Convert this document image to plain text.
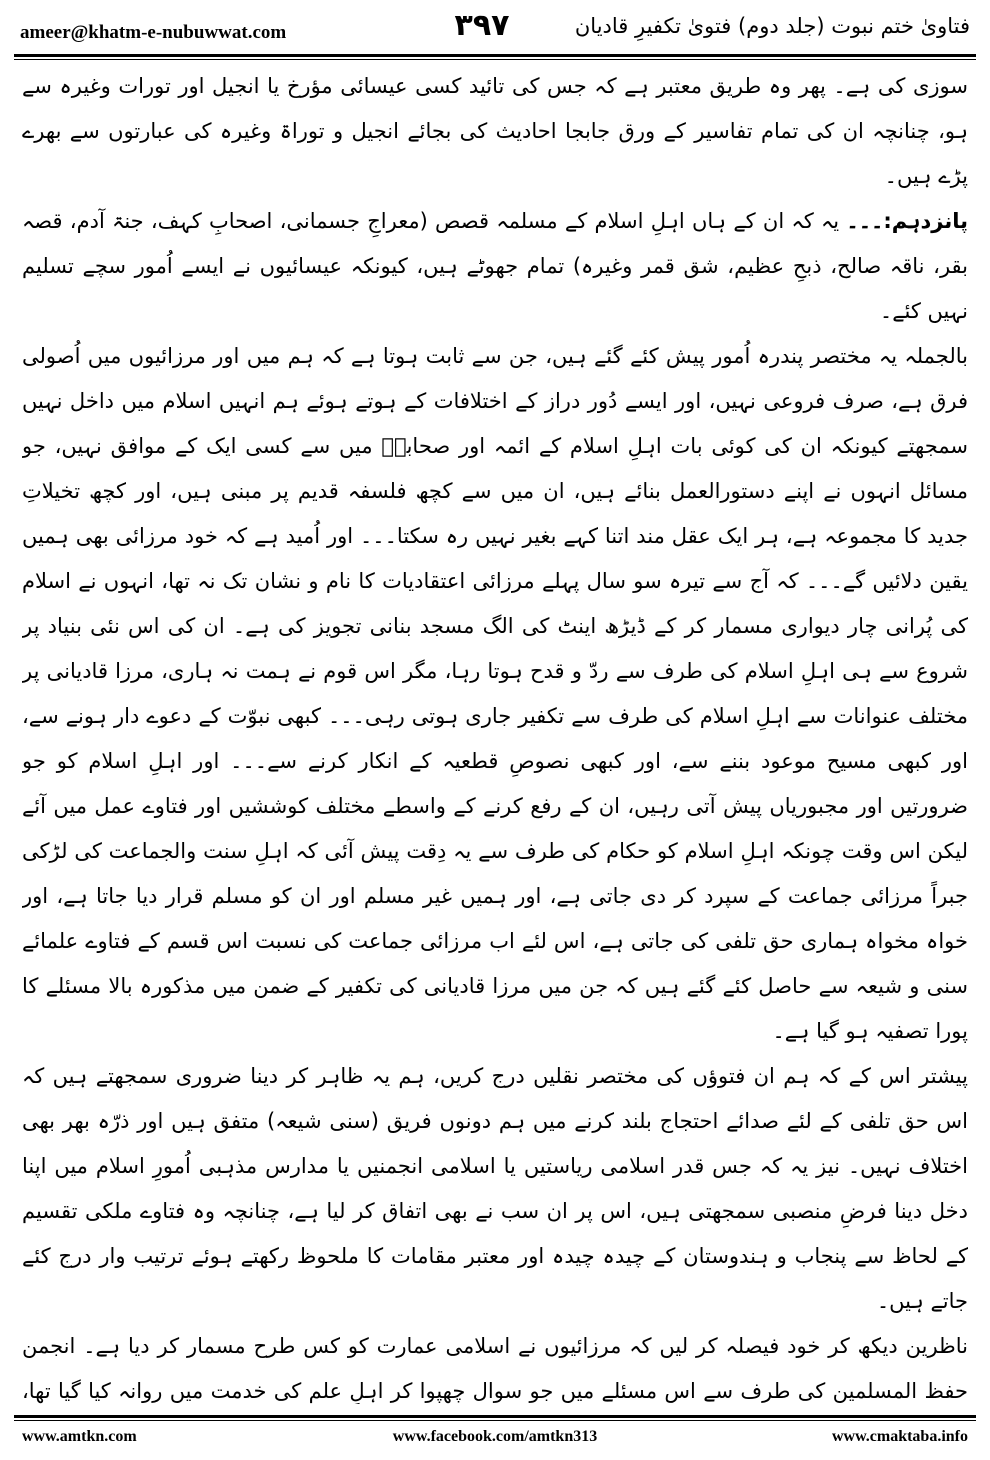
ameer@khatm-e-nubuwwat.com	۳۹۷	فتاویٰ ختم نبوت (جلد دوم) فتویٰ تکفیرِ قادیان

سوزی کی ہے۔ پھر وہ طریق معتبر ہے کہ جس کی تائید کسی عیسائی مؤرخ یا انجیل اور تورات وغیرہ سے ہو، چنانچہ ان کی تمام تفاسیر کے ورق جابجا احادیث کی بجائے انجیل و توراۃ وغیرہ کی عبارتوں سے بھرے پڑے ہیں۔

پانزدہم:۔۔۔ یہ کہ ان کے ہاں اہلِ اسلام کے مسلمہ قصص (معراجِ جسمانی، اصحابِ کہف، جنۃ آدم، قصہ بقر، ناقہ صالح، ذبحِ عظیم، شق قمر وغیرہ) تمام جھوٹے ہیں، کیونکہ عیسائیوں نے ایسے اُمور سچے تسلیم نہیں کئے۔

بالجملہ یہ مختصر پندرہ اُمور پیش کئے گئے ہیں، جن سے ثابت ہوتا ہے کہ ہم میں اور مرزائیوں میں اُصولی فرق ہے، صرف فروعی نہیں، اور ایسے دُور دراز کے اختلافات کے ہوتے ہوئے ہم انہیں اسلام میں داخل نہیں سمجھتے کیونکہ ان کی کوئی بات اہلِ اسلام کے ائمہ اور صحابہؓ میں سے کسی ایک کے موافق نہیں، جو مسائل انہوں نے اپنے دستورالعمل بنائے ہیں، ان میں سے کچھ فلسفہ قدیم پر مبنی ہیں، اور کچھ تخیلاتِ جدید کا مجموعہ ہے، ہر ایک عقل مند اتنا کہے بغیر نہیں رہ سکتا۔۔۔ اور اُمید ہے کہ خود مرزائی بھی ہمیں یقین دلائیں گے۔۔۔ کہ آج سے تیرہ سو سال پہلے مرزائی اعتقادیات کا نام و نشان تک نہ تھا، انہوں نے اسلام کی پُرانی چار دیواری مسمار کر کے ڈیڑھ اینٹ کی الگ مسجد بنانی تجویز کی ہے۔ ان کی اس نئی بنیاد پر شروع سے ہی اہلِ اسلام کی طرف سے ردّ و قدح ہوتا رہا، مگر اس قوم نے ہمت نہ ہاری، مرزا قادیانی پر مختلف عنوانات سے اہلِ اسلام کی طرف سے تکفیر جاری ہوتی رہی۔۔۔ کبھی نبوّت کے دعوے دار ہونے سے، اور کبھی مسیح موعود بننے سے، اور کبھی نصوصِ قطعیہ کے انکار کرنے سے۔۔۔ اور اہلِ اسلام کو جو ضرورتیں اور مجبوریاں پیش آتی رہیں، ان کے رفع کرنے کے واسطے مختلف کوششیں اور فتاوے عمل میں آئے لیکن اس وقت چونکہ اہلِ اسلام کو حکام کی طرف سے یہ دِقت پیش آئی کہ اہلِ سنت والجماعت کی لڑکی جبراً مرزائی جماعت کے سپرد کر دی جاتی ہے، اور ہمیں غیر مسلم اور ان کو مسلم قرار دیا جاتا ہے، اور خواہ مخواہ ہماری حق تلفی کی جاتی ہے، اس لئے اب مرزائی جماعت کی نسبت اس قسم کے فتاوے علمائے سنی و شیعہ سے حاصل کئے گئے ہیں کہ جن میں مرزا قادیانی کی تکفیر کے ضمن میں مذکورہ بالا مسئلے کا پورا تصفیہ ہو گیا ہے۔

پیشتر اس کے کہ ہم ان فتوؤں کی مختصر نقلیں درج کریں، ہم یہ ظاہر کر دینا ضروری سمجھتے ہیں کہ اس حق تلفی کے لئے صدائے احتجاج بلند کرنے میں ہم دونوں فریق (سنی شیعہ) متفق ہیں اور ذرّہ بھر بھی اختلاف نہیں۔ نیز یہ کہ جس قدر اسلامی ریاستیں یا اسلامی انجمنیں یا مدارس مذہبی اُمورِ اسلام میں اپنا دخل دینا فرضِ منصبی سمجھتی ہیں، اس پر ان سب نے بھی اتفاق کر لیا ہے، چنانچہ وہ فتاوے ملکی تقسیم کے لحاظ سے پنجاب و ہندوستان کے چیدہ چیدہ اور معتبر مقامات کا ملحوظ رکھتے ہوئے ترتیب وار درج کئے جاتے ہیں۔

ناظرین دیکھ کر خود فیصلہ کر لیں کہ مرزائیوں نے اسلامی عمارت کو کس طرح مسمار کر دیا ہے۔ انجمن حفظ المسلمین کی طرف سے اس مسئلے میں جو سوال چھپوا کر اہلِ علم کی خدمت میں روانہ کیا گیا تھا،

www.amtkn.com	www.facebook.com/amtkn313	www.cmaktaba.info
